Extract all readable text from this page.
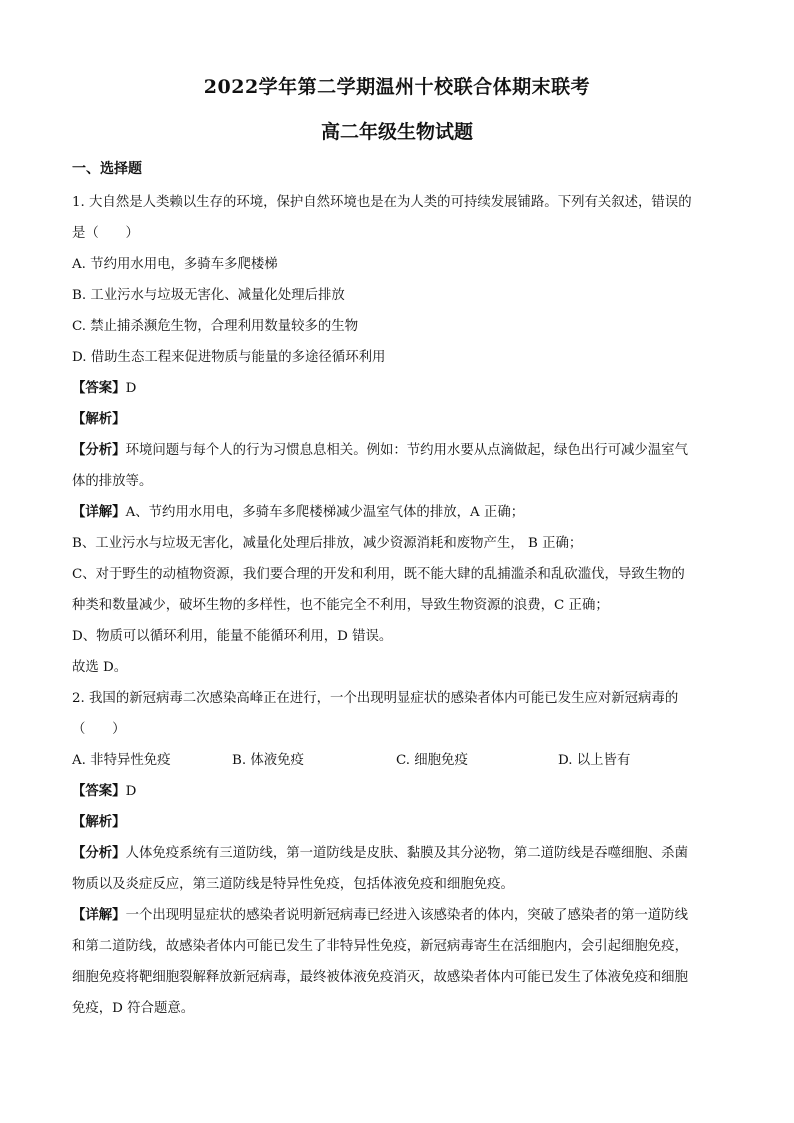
2022学年第二学期温州十校联合体期末联考
高二年级生物试题
一、选择题

1. 大自然是人类赖以生存的环境，保护自然环境也是在为人类的可持续发展铺路。下列有关叙述，错误的

是（　　）

A. 节约用水用电，多骑车多爬楼梯

B. 工业污水与垃圾无害化、减量化处理后排放

C. 禁止捕杀濒危生物，合理利用数量较多的生物

D. 借助生态工程来促进物质与能量的多途径循环利用

【答案】D

【解析】

【分析】环境问题与每个人的行为习惯息息相关。例如：节约用水要从点滴做起，绿色出行可减少温室气

体的排放等。

【详解】A、节约用水用电，多骑车多爬楼梯减少温室气体的排放，A 正确；

B、工业污水与垃圾无害化，减量化处理后排放，减少资源消耗和废物产生， B 正确；

C、对于野生的动植物资源，我们要合理的开发和利用，既不能大肆的乱捕滥杀和乱砍滥伐，导致生物的

种类和数量减少，破坏生物的多样性，也不能完全不利用，导致生物资源的浪费，C 正确；

D、物质可以循环利用，能量不能循环利用，D 错误。

故选 D。

2. 我国的新冠病毒二次感染高峰正在进行，一个出现明显症状的感染者体内可能已发生应对新冠病毒的

（　　）

A. 非特异性免疫	B. 体液免疫	C. 细胞免疫	D. 以上皆有

【答案】D

【解析】

【分析】人体免疫系统有三道防线，第一道防线是皮肤、黏膜及其分泌物，第二道防线是吞噬细胞、杀菌

物质以及炎症反应，第三道防线是特异性免疫，包括体液免疫和细胞免疫。

【详解】一个出现明显症状的感染者说明新冠病毒已经进入该感染者的体内，突破了感染者的第一道防线

和第二道防线，故感染者体内可能已发生了非特异性免疫，新冠病毒寄生在活细胞内，会引起细胞免疫，

细胞免疫将靶细胞裂解释放新冠病毒，最终被体液免疫消灭，故感染者体内可能已发生了体液免疫和细胞

免疫，D 符合题意。
